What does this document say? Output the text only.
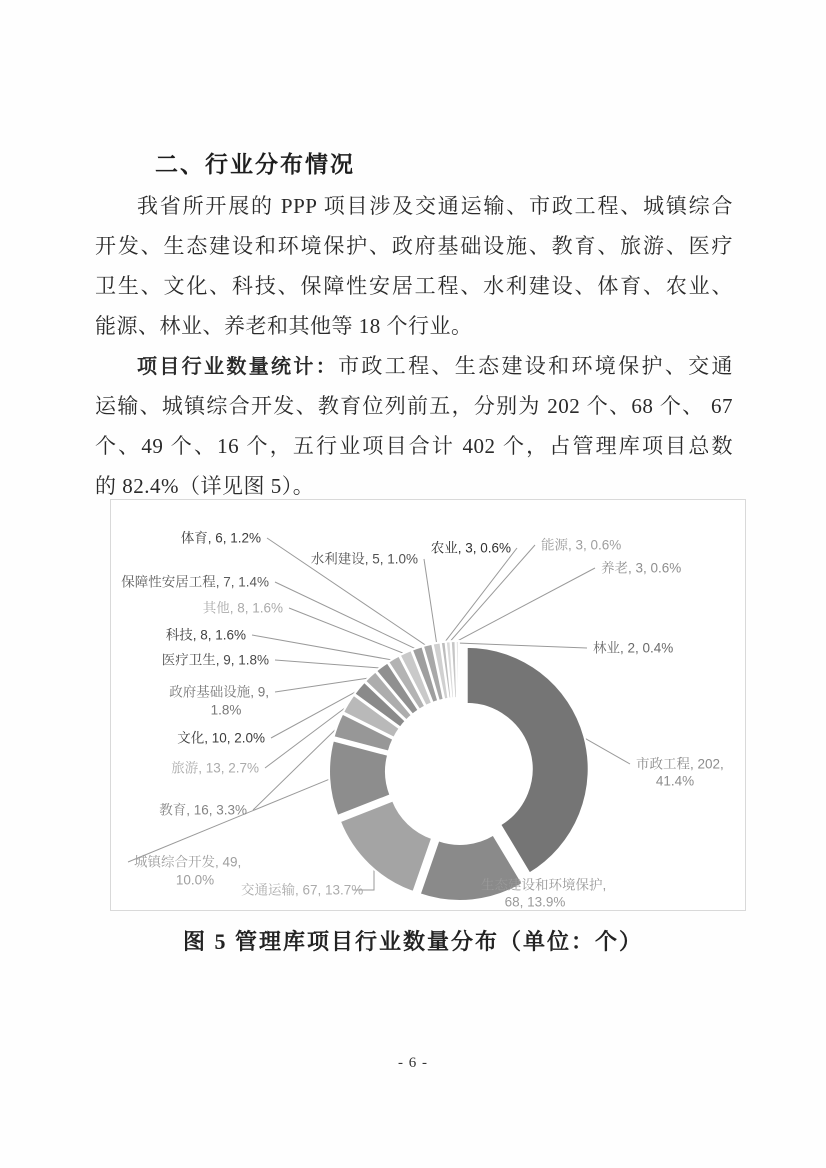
二、行业分布情况
我省所开展的 PPP 项目涉及交通运输、市政工程、城镇综合
开发、生态建设和环境保护、政府基础设施、教育、旅游、医疗
卫生、文化、科技、保障性安居工程、水利建设、体育、农业、
能源、林业、养老和其他等 18 个行业。
项目行业数量统计：市政工程、生态建设和环境保护、交通
运输、城镇综合开发、教育位列前五，分别为 202 个、68 个、 67
个、49 个、16 个，五行业项目合计 402 个，占管理库项目总数
的 82.4%（详见图 5）。
市政工程, 202,
41.4%
生态建设和环境保护,
68, 13.9%
交通运输, 67, 13.7%
城镇综合开发, 49,
10.0%
教育, 16, 3.3%
旅游, 13, 2.7%
文化, 10, 2.0%
政府基础设施, 9,
1.8%
医疗卫生, 9, 1.8%
科技, 8, 1.6%
其他, 8, 1.6%
保障性安居工程, 7, 1.4%
体育, 6, 1.2%
水利建设, 5, 1.0%
农业, 3, 0.6% 能源, 3, 0.6%
养老, 3, 0.6%
林业, 2, 0.4%
图 5 管理库项目行业数量分布（单位：个）
- 6 -
